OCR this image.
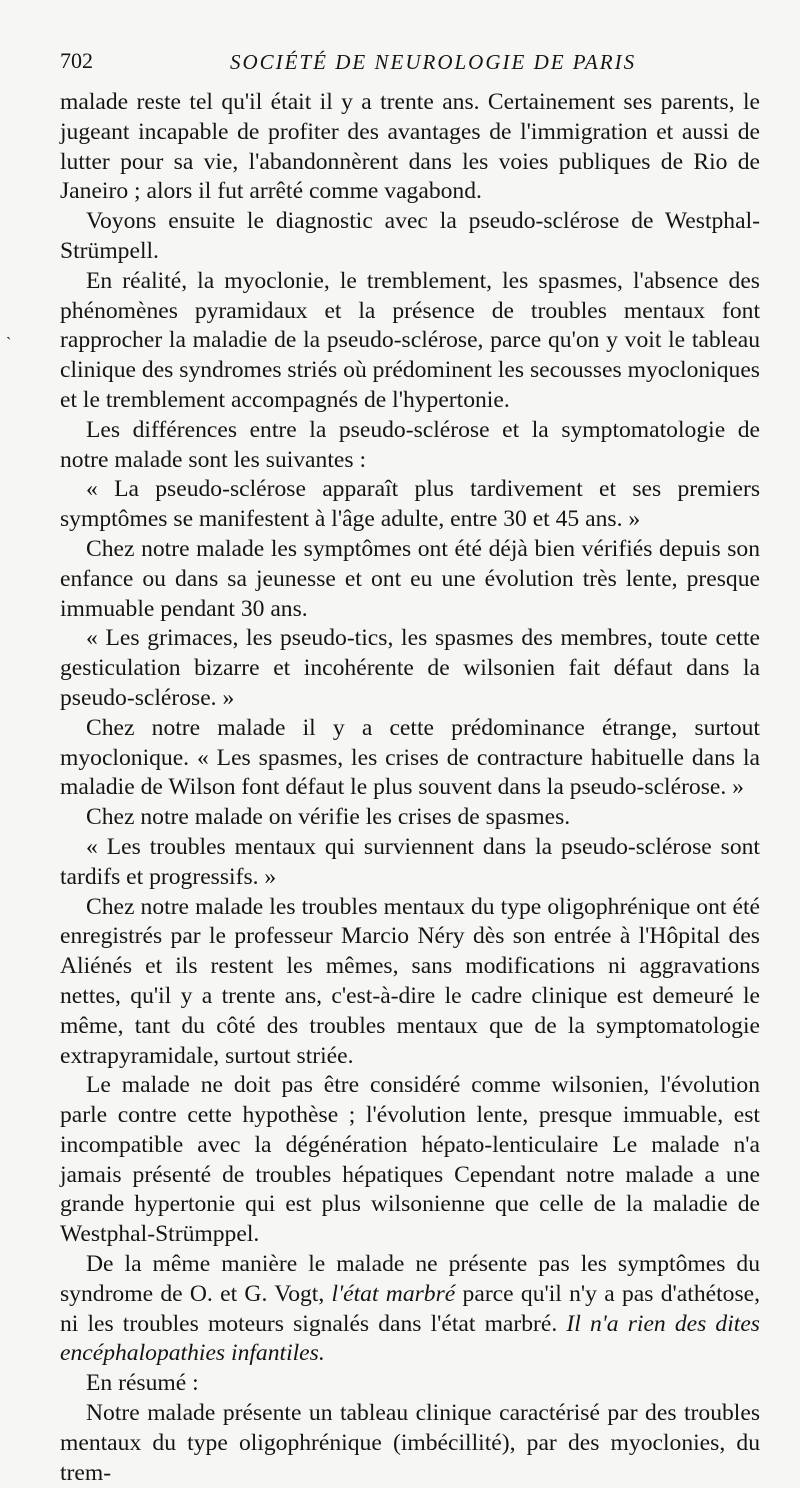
702	SOCIÉTÉ DE NEUROLOGIE DE PARIS
`

malade reste tel qu'il était il y a trente ans. Certainement ses parents, le jugeant incapable de profiter des avantages de l'immigration et aussi de lutter pour sa vie, l'abandonnèrent dans les voies publiques de Rio de Janeiro ; alors il fut arrêté comme vagabond.

Voyons ensuite le diagnostic avec la pseudo-sclérose de Westphal-Strümpell.

En réalité, la myoclonie, le tremblement, les spasmes, l'absence des phénomènes pyramidaux et la présence de troubles mentaux font rapprocher la maladie de la pseudo-sclérose, parce qu'on y voit le tableau clinique des syndromes striés où prédominent les secousses myocloniques et le tremblement accompagnés de l'hypertonie.

Les différences entre la pseudo-sclérose et la symptomatologie de notre malade sont les suivantes :

« La pseudo-sclérose apparaît plus tardivement et ses premiers symptômes se manifestent à l'âge adulte, entre 30 et 45 ans. »

Chez notre malade les symptômes ont été déjà bien vérifiés depuis son enfance ou dans sa jeunesse et ont eu une évolution très lente, presque immuable pendant 30 ans.

« Les grimaces, les pseudo-tics, les spasmes des membres, toute cette gesticulation bizarre et incohérente de wilsonien fait défaut dans la pseudo-sclérose. »

Chez notre malade il y a cette prédominance étrange, surtout myoclonique. « Les spasmes, les crises de contracture habituelle dans la maladie de Wilson font défaut le plus souvent dans la pseudo-sclérose. »

Chez notre malade on vérifie les crises de spasmes.

« Les troubles mentaux qui surviennent dans la pseudo-sclérose sont tardifs et progressifs. »

Chez notre malade les troubles mentaux du type oligophrénique ont été enregistrés par le professeur Marcio Néry dès son entrée à l'Hôpital des Aliénés et ils restent les mêmes, sans modifications ni aggravations nettes, qu'il y a trente ans, c'est-à-dire le cadre clinique est demeuré le même, tant du côté des troubles mentaux que de la symptomatologie extrapyramidale, surtout striée.

Le malade ne doit pas être considéré comme wilsonien, l'évolution parle contre cette hypothèse ; l'évolution lente, presque immuable, est incompatible avec la dégénération hépato-lenticulaire Le malade n'a jamais présenté de troubles hépatiques Cependant notre malade a une grande hypertonie qui est plus wilsonienne que celle de la maladie de Westphal-Strümppel.

De la même manière le malade ne présente pas les symptômes du syndrome de O. et G. Vogt, l'état marbré parce qu'il n'y a pas d'athétose, ni les troubles moteurs signalés dans l'état marbré. Il n'a rien des dites encéphalopathies infantiles.

En résumé :

Notre malade présente un tableau clinique caractérisé par des troubles mentaux du type oligophrénique (imbécillité), par des myoclonies, du trem-
